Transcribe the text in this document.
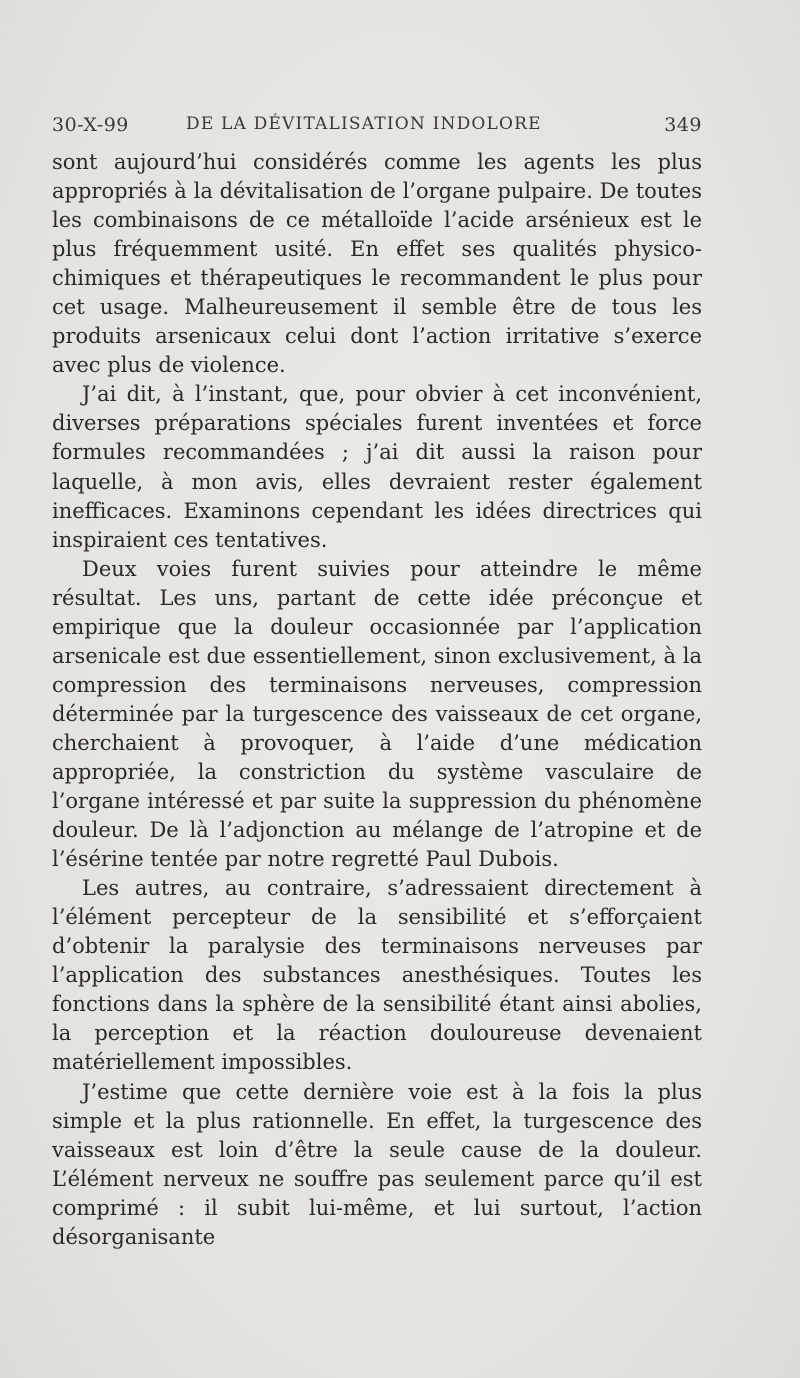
30-X-99	DE LA DÉVITALISATION INDOLORE	349

sont aujourd’hui considérés comme les agents les plus appropriés à la dévitalisation de l’organe pulpaire. De toutes les combinaisons de ce métalloïde l’acide arsénieux est le plus fréquemment usité. En effet ses qualités physico-chimiques et thérapeutiques le recommandent le plus pour cet usage. Malheureusement il semble être de tous les produits arsenicaux celui dont l’action irritative s’exerce avec plus de violence.

J’ai dit, à l’instant, que, pour obvier à cet inconvénient, diverses préparations spéciales furent inventées et force formules recommandées ; j’ai dit aussi la raison pour laquelle, à mon avis, elles devraient rester également inefficaces. Examinons cependant les idées directrices qui inspiraient ces tentatives.

Deux voies furent suivies pour atteindre le même résultat. Les uns, partant de cette idée préconçue et empirique que la douleur occasionnée par l’application arsenicale est due essentiellement, sinon exclusivement, à la compression des terminaisons nerveuses, compression déterminée par la turgescence des vaisseaux de cet organe, cherchaient à provoquer, à l’aide d’une médication appropriée, la constriction du système vasculaire de l’organe intéressé et par suite la suppression du phénomène douleur. De là l’adjonction au mélange de l’atropine et de l’ésérine tentée par notre regretté Paul Dubois.

Les autres, au contraire, s’adressaient directement à l’élément percepteur de la sensibilité et s’efforçaient d’obtenir la paralysie des terminaisons nerveuses par l’application des substances anesthésiques. Toutes les fonctions dans la sphère de la sensibilité étant ainsi abolies, la perception et la réaction douloureuse devenaient matériellement impossibles.

J’estime que cette dernière voie est à la fois la plus simple et la plus rationnelle. En effet, la turgescence des vaisseaux est loin d’être la seule cause de la douleur. L’élément nerveux ne souffre pas seulement parce qu’il est comprimé : il subit lui-même, et lui surtout, l’action désorganisante
